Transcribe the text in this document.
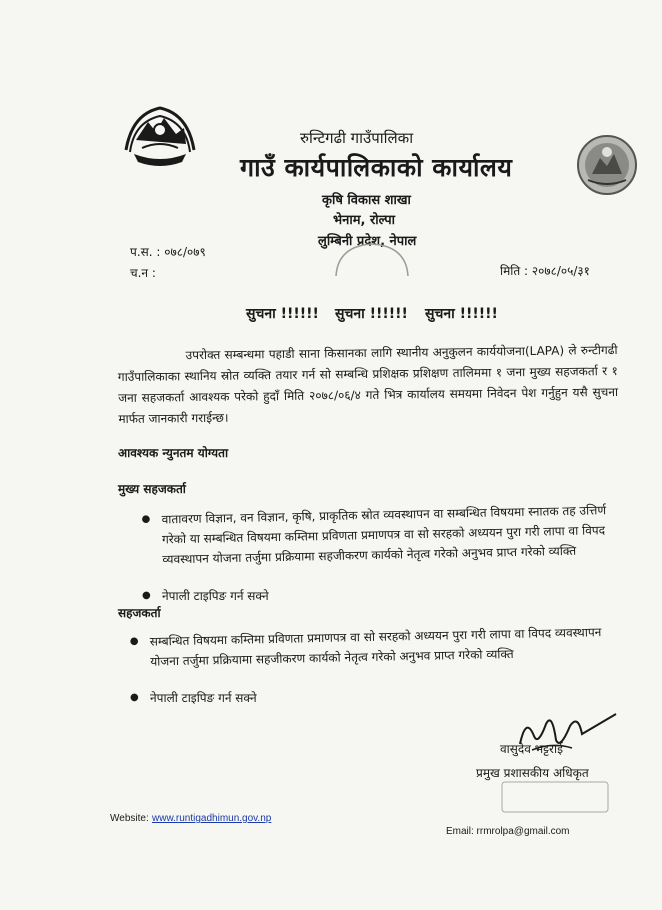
रुन्टिगढी गाउँपालिका
गाउँ कार्यपालिकाको कार्यालय
कृषि विकास शाखा
भेनाम, रोल्पा
लुम्बिनी प्रदेश, नेपाल
प.स. : ०७८/०७९
च.न :	मिति : २०७८/०५/३१
सुचना !!!!!! सुचना !!!!!! सुचना !!!!!!
उपरोक्त सम्बन्धमा पहाडी साना किसानका लागि स्थानीय अनुकुलन कार्ययोजना(LAPA) ले रुन्टीगढी गाउँपालिकाका स्थानिय स्रोत व्यक्ति तयार गर्न सो सम्बन्धि प्रशिक्षक प्रशिक्षण तालिममा १ जना मुख्य सहजकर्ता र १ जना सहजकर्ता आवश्यक परेको हुदाँ मिति २०७८/०६/४ गते भित्र कार्यालय समयमा निवेदन पेश गर्नुहुन यसै सुचना मार्फत जानकारी गराईन्छ।
आवश्यक न्युनतम योग्यता
मुख्य सहजकर्ता
● वातावरण विज्ञान, वन विज्ञान, कृषि, प्राकृतिक स्रोत व्यवस्थापन वा सम्बन्धित विषयमा स्नातक तह उत्तिर्ण गरेको या सम्बन्धित विषयमा कम्तिमा प्रविणता प्रमाणपत्र वा सो सरहको अध्ययन पुरा गरी लापा वा विपद व्यवस्थापन योजना तर्जुमा प्रक्रियामा सहजीकरण कार्यको नेतृत्व गरेको अनुभव प्राप्त गरेको व्यक्ति
● नेपाली टाइपिङ गर्न सक्ने
सहजकर्ता
● सम्बन्धित विषयमा कम्तिमा प्रविणता प्रमाणपत्र वा सो सरहको अध्ययन पुरा गरी लापा वा विपद व्यवस्थापन योजना तर्जुमा प्रक्रियामा सहजीकरण कार्यको नेतृत्व गरेको अनुभव प्राप्त गरेको व्यक्ति
● नेपाली टाइपिङ गर्न सक्ने
वासुदेव भट्टराई
प्रमुख प्रशासकीय अधिकृत
Website: www.runtigadhimun.gov.np
Email: rrmrolpa@gmail.com
